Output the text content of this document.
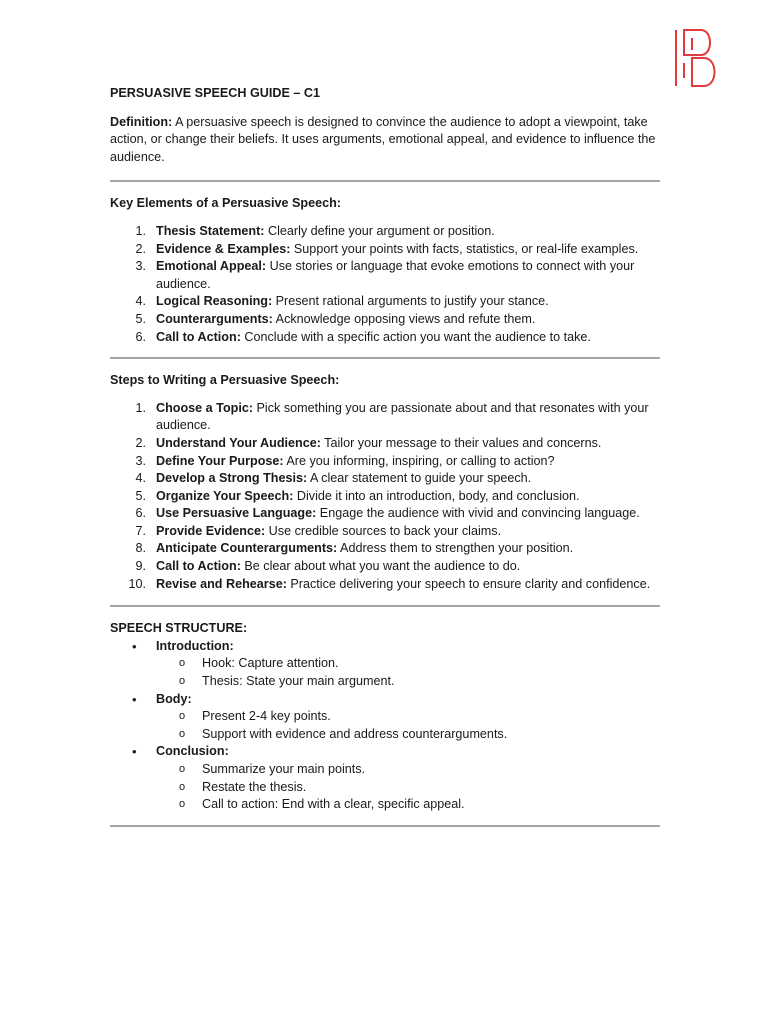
PERSUASIVE SPEECH GUIDE – C1

Definition: A persuasive speech is designed to convince the audience to adopt a viewpoint, take action, or change their beliefs. It uses arguments, emotional appeal, and evidence to influence the audience.

Key Elements of a Persuasive Speech:

1. Thesis Statement: Clearly define your argument or position.
2. Evidence & Examples: Support your points with facts, statistics, or real-life examples.
3. Emotional Appeal: Use stories or language that evoke emotions to connect with your audience.
4. Logical Reasoning: Present rational arguments to justify your stance.
5. Counterarguments: Acknowledge opposing views and refute them.
6. Call to Action: Conclude with a specific action you want the audience to take.

Steps to Writing a Persuasive Speech:

1. Choose a Topic: Pick something you are passionate about and that resonates with your audience.
2. Understand Your Audience: Tailor your message to their values and concerns.
3. Define Your Purpose: Are you informing, inspiring, or calling to action?
4. Develop a Strong Thesis: A clear statement to guide your speech.
5. Organize Your Speech: Divide it into an introduction, body, and conclusion.
6. Use Persuasive Language: Engage the audience with vivid and convincing language.
7. Provide Evidence: Use credible sources to back your claims.
8. Anticipate Counterarguments: Address them to strengthen your position.
9. Call to Action: Be clear about what you want the audience to do.
10. Revise and Rehearse: Practice delivering your speech to ensure clarity and confidence.

SPEECH STRUCTURE:

• Introduction:
o Hook: Capture attention.
o Thesis: State your main argument.
• Body:
o Present 2-4 key points.
o Support with evidence and address counterarguments.
• Conclusion:
o Summarize your main points.
o Restate the thesis.
o Call to action: End with a clear, specific appeal.
